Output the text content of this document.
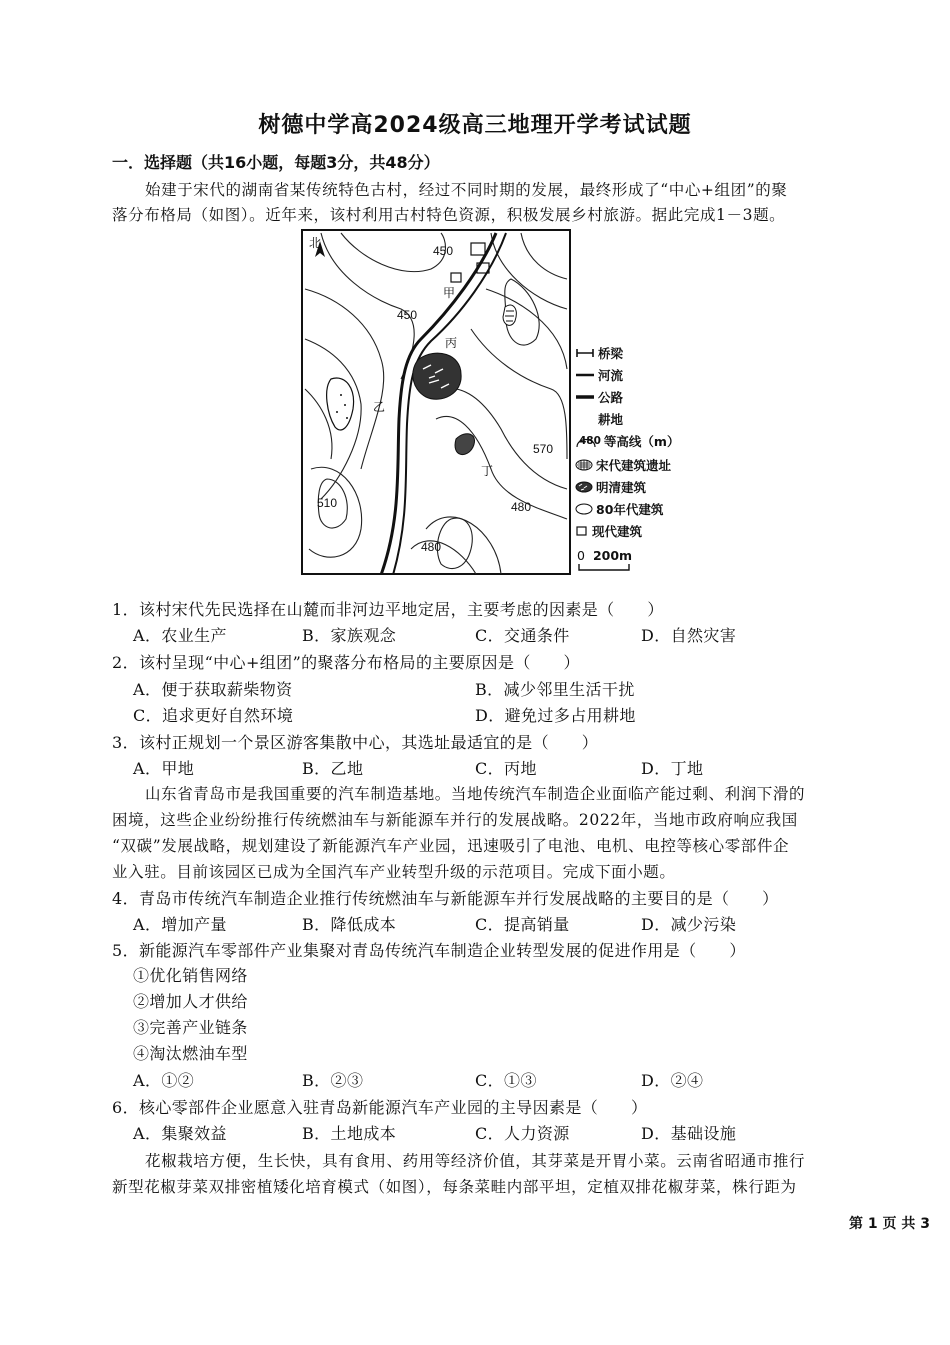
树德中学高2024级高三地理开学考试试题
一．选择题（共16小题，每题3分，共48分）
始建于宋代的湖南省某传统特色古村，经过不同时期的发展，最终形成了“中心+组团”的聚
落分布格局（如图）。近年来，该村利用古村特色资源，积极发展乡村旅游。据此完成1－3题。
北
450
450
570
510	480
480
甲
乙
丙
丁
桥梁
河流
公路
耕地
480 等高线（m）
宋代建筑遗址
明清建筑
80年代建筑
现代建筑
0 200m
1．该村宋代先民选择在山麓而非河边平地定居，主要考虑的因素是（　　）
A．农业生产	B．家族观念	C．交通条件	D．自然灾害
2．该村呈现“中心+组团”的聚落分布格局的主要原因是（　　）
A．便于获取薪柴物资	B．减少邻里生活干扰
C．追求更好自然环境	D．避免过多占用耕地
3．该村正规划一个景区游客集散中心，其选址最适宜的是（　　）
A．甲地	B．乙地	C．丙地	D．丁地
山东省青岛市是我国重要的汽车制造基地。当地传统汽车制造企业面临产能过剩、利润下滑的
困境，这些企业纷纷推行传统燃油车与新能源车并行的发展战略。2022年，当地市政府响应我国
“双碳”发展战略，规划建设了新能源汽车产业园，迅速吸引了电池、电机、电控等核心零部件企
业入驻。目前该园区已成为全国汽车产业转型升级的示范项目。完成下面小题。
4．青岛市传统汽车制造企业推行传统燃油车与新能源车并行发展战略的主要目的是（　　）
A．增加产量	B．降低成本	C．提高销量	D．减少污染
5．新能源汽车零部件产业集聚对青岛传统汽车制造企业转型发展的促进作用是（　　）
①优化销售网络
②增加人才供给
③完善产业链条
④淘汰燃油车型
A．①②	B．②③	C．①③	D．②④
6．核心零部件企业愿意入驻青岛新能源汽车产业园的主导因素是（　　）
A．集聚效益	B．土地成本	C．人力资源	D．基础设施
花椒栽培方便，生长快，具有食用、药用等经济价值，其芽菜是开胃小菜。云南省昭通市推行
新型花椒芽菜双排密植矮化培育模式（如图），每条菜畦内部平坦，定植双排花椒芽菜，株行距为
第 1 页 共 3
